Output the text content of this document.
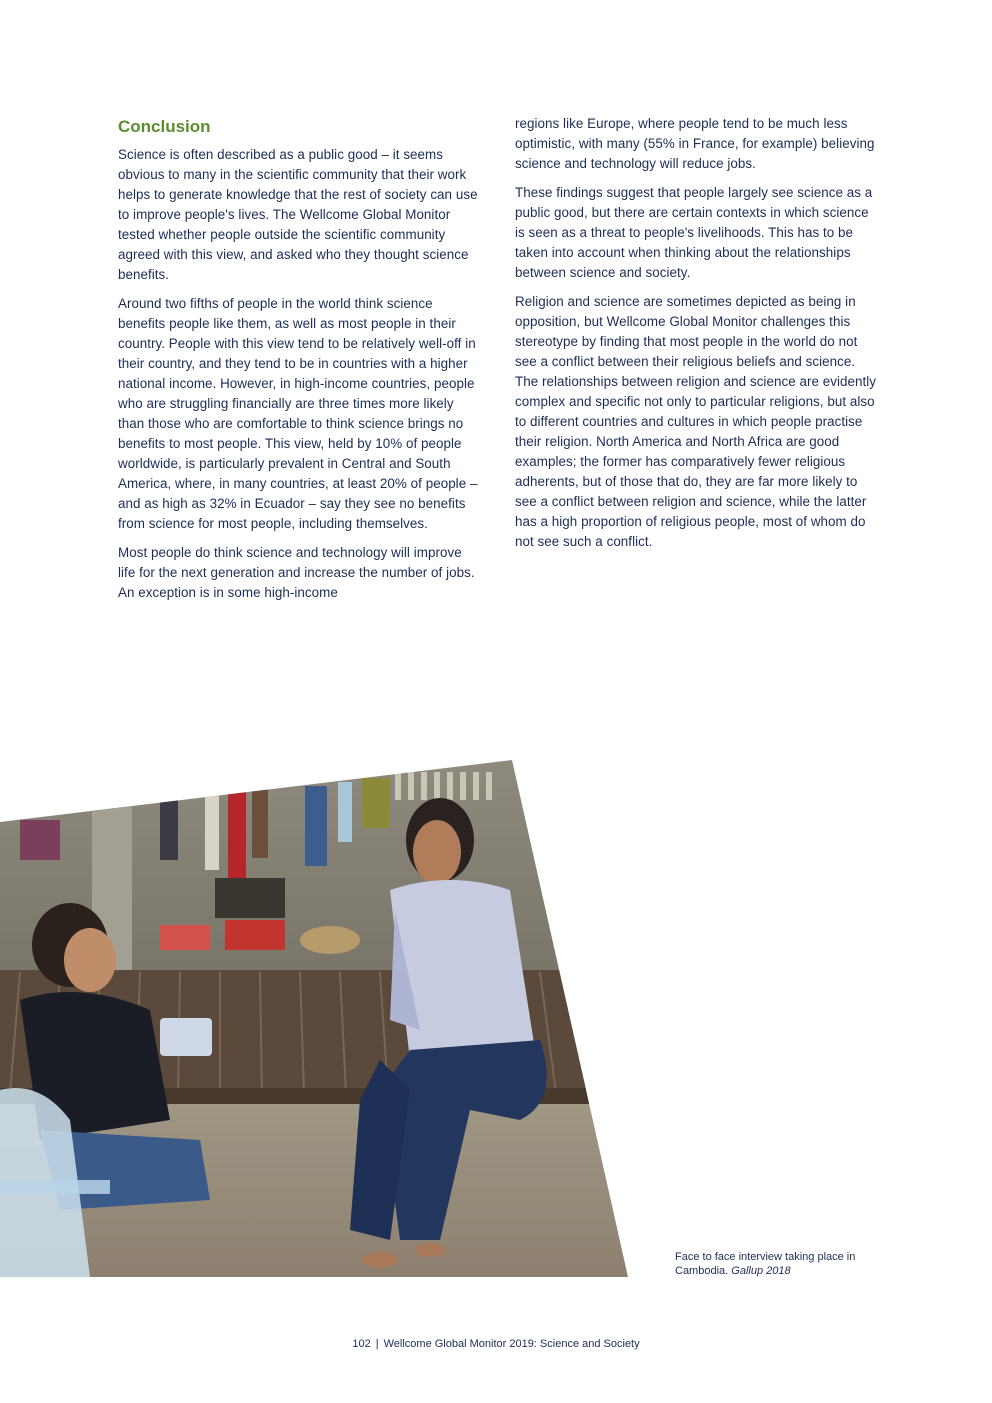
Conclusion

Science is often described as a public good – it seems obvious to many in the scientific community that their work helps to generate knowledge that the rest of society can use to improve people's lives. The Wellcome Global Monitor tested whether people outside the scientific community agreed with this view, and asked who they thought science benefits.

Around two fifths of people in the world think science benefits people like them, as well as most people in their country. People with this view tend to be relatively well-off in their country, and they tend to be in countries with a higher national income. However, in high-income countries, people who are struggling financially are three times more likely than those who are comfortable to think science brings no benefits to most people. This view, held by 10% of people worldwide, is particularly prevalent in Central and South America, where, in many countries, at least 20% of people – and as high as 32% in Ecuador – say they see no benefits from science for most people, including themselves.

Most people do think science and technology will improve life for the next generation and increase the number of jobs. An exception is in some high-income

regions like Europe, where people tend to be much less optimistic, with many (55% in France, for example) believing science and technology will reduce jobs.

These findings suggest that people largely see science as a public good, but there are certain contexts in which science is seen as a threat to people's livelihoods. This has to be taken into account when thinking about the relationships between science and society.

Religion and science are sometimes depicted as being in opposition, but Wellcome Global Monitor challenges this stereotype by finding that most people in the world do not see a conflict between their religious beliefs and science. The relationships between religion and science are evidently complex and specific not only to particular religions, but also to different countries and cultures in which people practise their religion. North America and North Africa are good examples; the former has comparatively fewer religious adherents, but of those that do, they are far more likely to see a conflict between religion and science, while the latter has a high proportion of religious people, most of whom do not see such a conflict.

Face to face interview taking place in Cambodia. Gallup 2018
102 | Wellcome Global Monitor 2019: Science and Society
